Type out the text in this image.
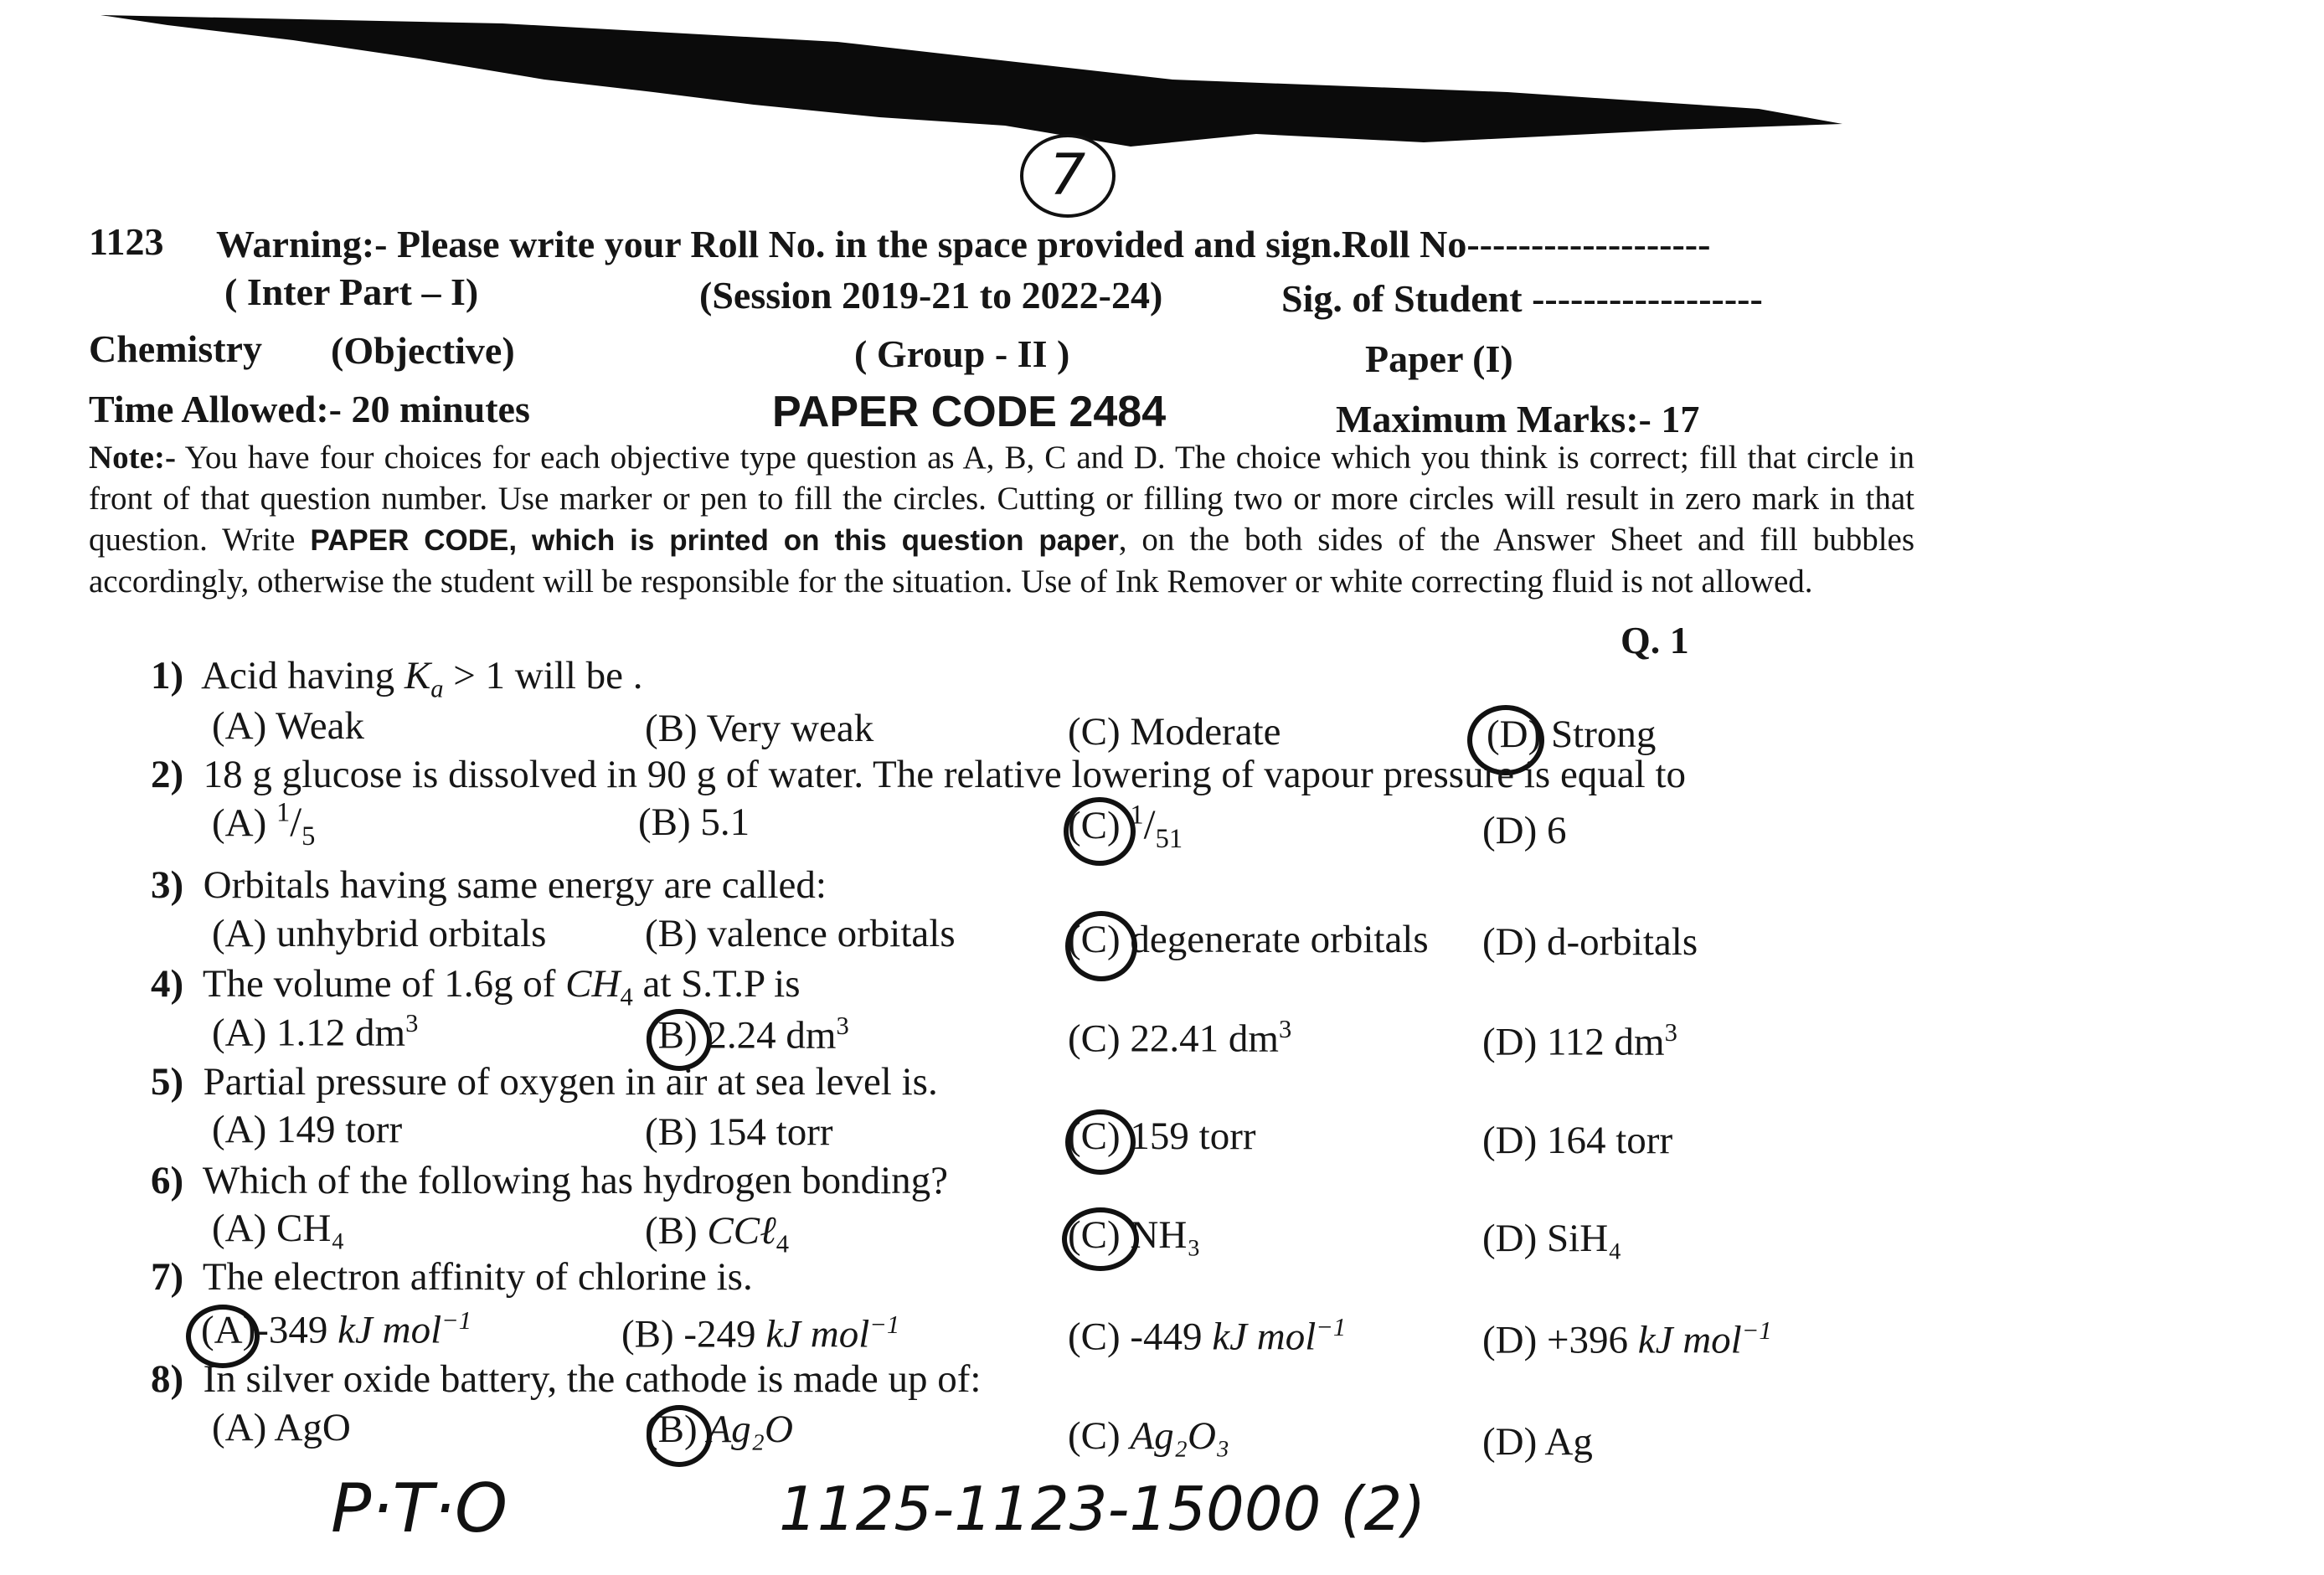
7
1123 Warning:- Please write your Roll No. in the space provided and sign.Roll No-------------------
( Inter Part – I)	(Session 2019-21 to 2022-24)	Sig. of Student ------------------
Chemistry (Objective)	( Group - II )	Paper (I)
Time Allowed:- 20 minutes	PAPER CODE 2484	Maximum Marks:- 17
Note:- You have four choices for each objective type question as A, B, C and D. The choice which you think is correct; fill that circle in front of that question number. Use marker or pen to fill the circles. Cutting or filling two or more circles will result in zero mark in that question. Write PAPER CODE, which is printed on this question paper, on the both sides of the Answer Sheet and fill bubbles accordingly, otherwise the student will be responsible for the situation. Use of Ink Remover or white correcting fluid is not allowed.
Q. 1
1) Acid having $K_a > 1$ will be .
(A) Weak	(B) Very weak	(C) Moderate	(D) Strong
2) 18 g glucose is dissolved in 90 g of water. The relative lowering of vapour pressure is equal to
(A) $^1/_5$	(B) 5.1	(C) $^1/_{51}$	(D) 6
3) Orbitals having same energy are called:
(A) unhybrid orbitals	(B) valence orbitals	(C) degenerate orbitals (D) d-orbitals
4) The volume of 1.6g of $CH_4$ at S.T.P is
(A) 1.12 $dm^3$	(B) 2.24 $dm^3$	(C) 22.41 $dm^3$	(D) 112 $dm^3$
5) Partial pressure of oxygen in air at sea level is.
(A) 149 torr	(B) 154 torr	(C) 159 torr	(D) 164 torr
6) Which of the following has hydrogen bonding?
(A) CH₄	(B) CCℓ$_4$	(C) NH₃	(D) SiH₄
7) The electron affinity of chlorine is.
(A)-349 kJ mol$^{-1}$	(B) -249 kJ mol$^{-1}$	(C) -449 kJ mol$^{-1}$	(D) +396 kJ mol$^{-1}$
8) In silver oxide battery, the cathode is made up of:
(A) AgO	(B) Ag₂O	(C) Ag₂O₃	(D) Ag
P·T·O	1125-1123-15000 (2)
